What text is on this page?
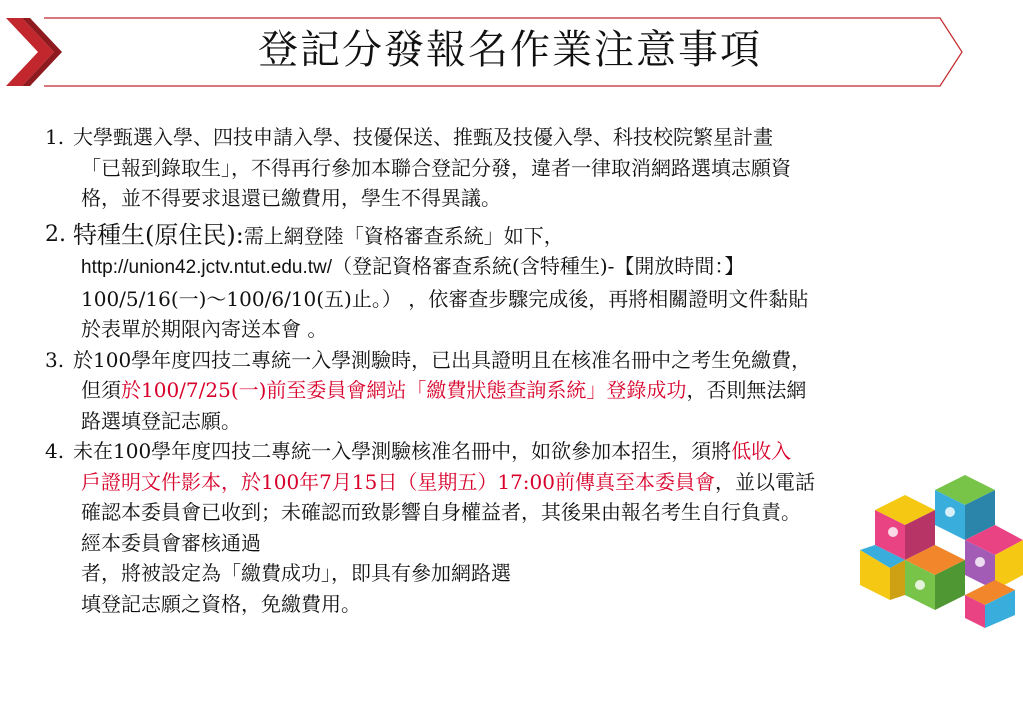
登記分發報名作業注意事項
1. 大學甄選入學、四技申請入學、技優保送、推甄及技優入學、科技校院繁星計畫
「已報到錄取生」，不得再行參加本聯合登記分發，違者一律取消網路選填志願資
格，並不得要求退還已繳費用，學生不得異議。
2. 特種生(原住民):需上網登陸「資格審查系統」如下，
http://union42.jctv.ntut.edu.tw/（登記資格審查系統(含特種生)-【開放時間：】
100/5/16(一)～100/6/10(五)止。） ，依審查步驟完成後，再將相關證明文件黏貼
於表單於期限內寄送本會 。
3. 於100學年度四技二專統一入學測驗時，已出具證明且在核准名冊中之考生免繳費，
但須於100/7/25(一)前至委員會網站「繳費狀態查詢系統」登錄成功，否則無法網
路選填登記志願。
4. 未在100學年度四技二專統一入學測驗核准名冊中，如欲參加本招生，須將低收入
戶證明文件影本，於100年7月15日（星期五）17:00前傳真至本委員會，並以電話
確認本委員會已收到；未確認而致影響自身權益者，其後果由報名考生自行負責。
經本委員會審核通過
者，將被設定為「繳費成功」，即具有參加網路選
填登記志願之資格，免繳費用。
